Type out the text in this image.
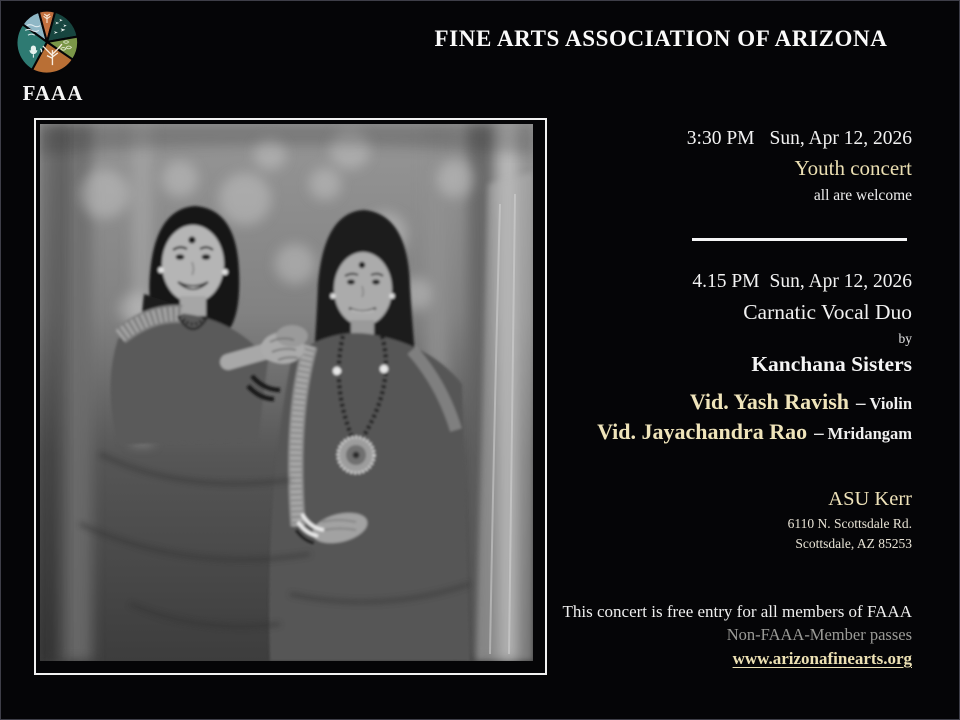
FAAA
FINE ARTS ASSOCIATION OF ARIZONA
3:30 PM Sun, Apr 12, 2026
Youth concert
all are welcome
4.15 PM Sun, Apr 12, 2026
Carnatic Vocal Duo
by
Kanchana Sisters
Vid. Yash Ravish – Violin
Vid. Jayachandra Rao – Mridangam
ASU Kerr
6110 N. Scottsdale Rd.
Scottsdale, AZ 85253
This concert is free entry for all members of FAAA
Non-FAAA-Member passes
www.arizonafinearts.org
